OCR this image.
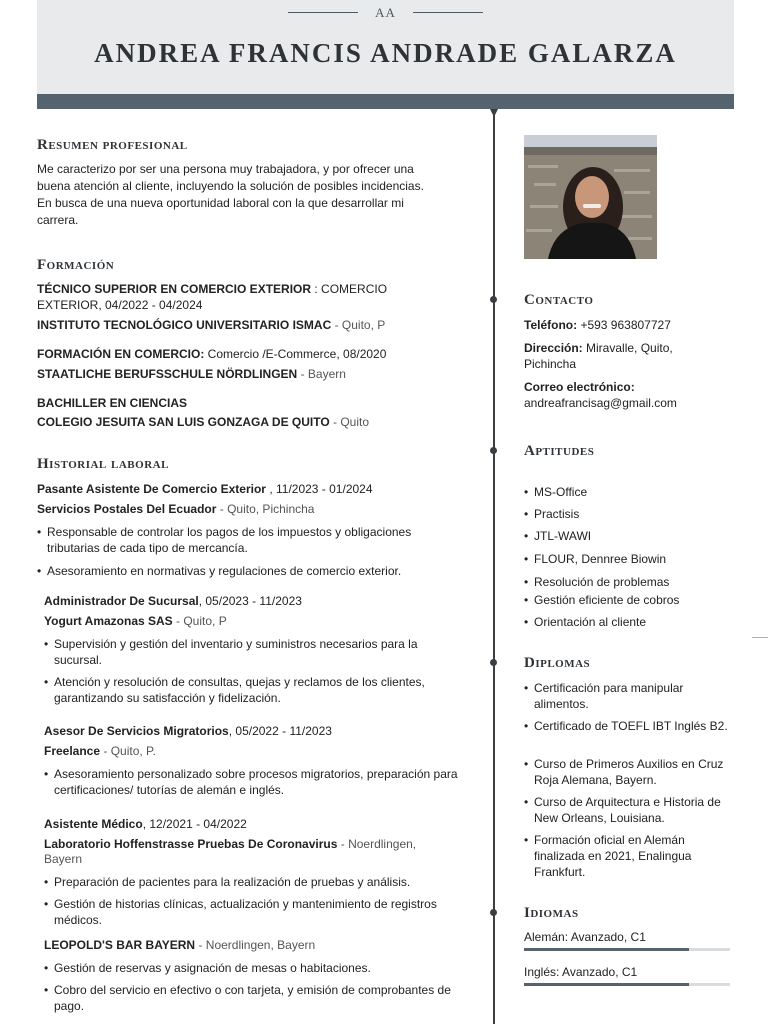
AA
ANDREA FRANCIS ANDRADE GALARZA
Resumen profesional
Me caracterizo por ser una persona muy trabajadora, y por ofrecer una
buena atención al cliente, incluyendo la solución de posibles incidencias.
En busca de una nueva oportunidad laboral con la que desarrollar mi
carrera.
Formación
TÉCNICO SUPERIOR EN COMERCIO EXTERIOR : COMERCIO
EXTERIOR, 04/2022 - 04/2024
INSTITUTO TECNOLÓGICO UNIVERSITARIO ISMAC - Quito, P
FORMACIÓN EN COMERCIO: Comercio /E-Commerce, 08/2020
STAATLICHE BERUFSSCHULE NÖRDLINGEN - Bayern
BACHILLER EN CIENCIAS
COLEGIO JESUITA SAN LUIS GONZAGA DE QUITO - Quito
Historial laboral
Pasante Asistente De Comercio Exterior , 11/2023 - 01/2024
Servicios Postales Del Ecuador - Quito, Pichincha
• Responsable de controlar los pagos de los impuestos y obligaciones tributarias de cada tipo de mercancía.
• Asesoramiento en normativas y regulaciones de comercio exterior.
Administrador De Sucursal, 05/2023 - 11/2023
Yogurt Amazonas SAS - Quito, P
• Supervisión y gestión del inventario y suministros necesarios para la sucursal.
• Atención y resolución de consultas, quejas y reclamos de los clientes, garantizando su satisfacción y fidelización.
Asesor De Servicios Migratorios, 05/2022 - 11/2023
Freelance - Quito, P.
• Asesoramiento personalizado sobre procesos migratorios, preparación para certificaciones/ tutorías de alemán e inglés.
Asistente Médico, 12/2021 - 04/2022
Laboratorio Hoffenstrasse Pruebas De Coronavirus - Noerdlingen,
Bayern
• Preparación de pacientes para la realización de pruebas y análisis.
• Gestión de historias clínicas, actualización y mantenimiento de registros médicos.
LEOPOLD'S BAR BAYERN - Noerdlingen, Bayern
• Gestión de reservas y asignación de mesas o habitaciones.
• Cobro del servicio en efectivo o con tarjeta, y emisión de comprobantes de pago.
Contacto
Teléfono: +593 963807727
Dirección: Miravalle, Quito,
Pichincha
Correo electrónico:
andreafrancisag@gmail.com
Aptitudes
• MS-Office
• Practisis
• JTL-WAWI
• FLOUR, Dennree Biowin
• Resolución de problemas
• Gestión eficiente de cobros
• Orientación al cliente
Diplomas
• Certificación para manipular alimentos.
• Certificado de TOEFL IBT Inglés B2.
• Curso de Primeros Auxilios en Cruz Roja Alemana, Bayern.
• Curso de Arquitectura e Historia de New Orleans, Louisiana.
• Formación oficial en Alemán finalizada en 2021, Enalingua Frankfurt.
Idiomas
Alemán: Avanzado, C1
Inglés: Avanzado, C1
